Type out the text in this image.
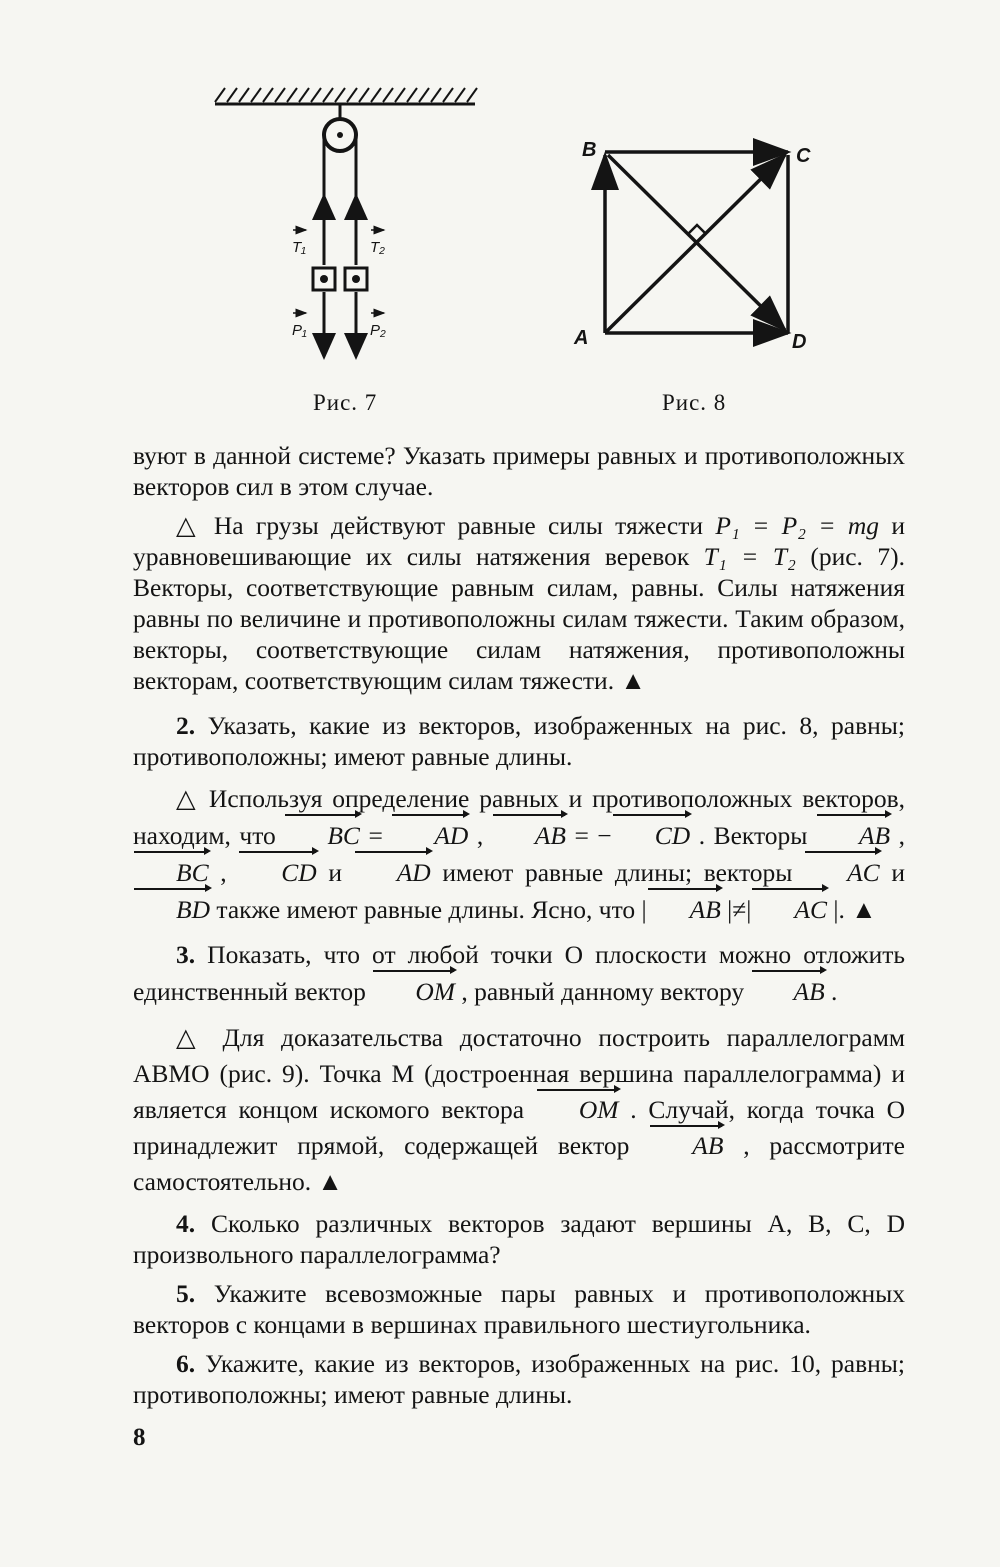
T₁	T₂
P₁	P₂
Рис. 7
B	C
A	D
Рис. 8

вуют в данной системе? Указать примеры равных и противоположных векторов сил в этом случае.

△ На грузы действуют равные силы тяжести P₁ = P₂ = mg и уравновешивающие их силы натяжения веревок T₁ = T₂ (рис. 7). Векторы, соответствующие равным силам, равны. Силы натяжения равны по величине и противоположны силам тяжести. Таким образом, векторы, соответствующие силам натяжения, противоположны векторам, соответствующим силам тяжести. ▲

2. Указать, какие из векторов, изображенных на рис. 8, равны; противоположны; имеют равные длины.

△ Используя определение равных и противоположных векторов, находим, что BC = AD , AB = − CD . Векторы AB , BC , CD и AD имеют равные длины; векторы AC и BD также имеют равные длины. Ясно, что | AB |≠| AC |. ▲

3. Показать, что от любой точки O плоскости можно отложить единственный вектор OM , равный данному вектору AB .

△ Для доказательства достаточно построить параллелограмм ABMO (рис. 9). Точка M (достроенная вершина параллелограмма) и является концом искомого вектора OM . Случай, когда точка O принадлежит прямой, содержащей вектор AB , рассмотрите самостоятельно. ▲

4. Сколько различных векторов задают вершины A, B, C, D произвольного параллелограмма?

5. Укажите всевозможные пары равных и противоположных векторов с концами в вершинах правильного шестиугольника.

6. Укажите, какие из векторов, изображенных на рис. 10, равны; противоположны; имеют равные длины.

8
